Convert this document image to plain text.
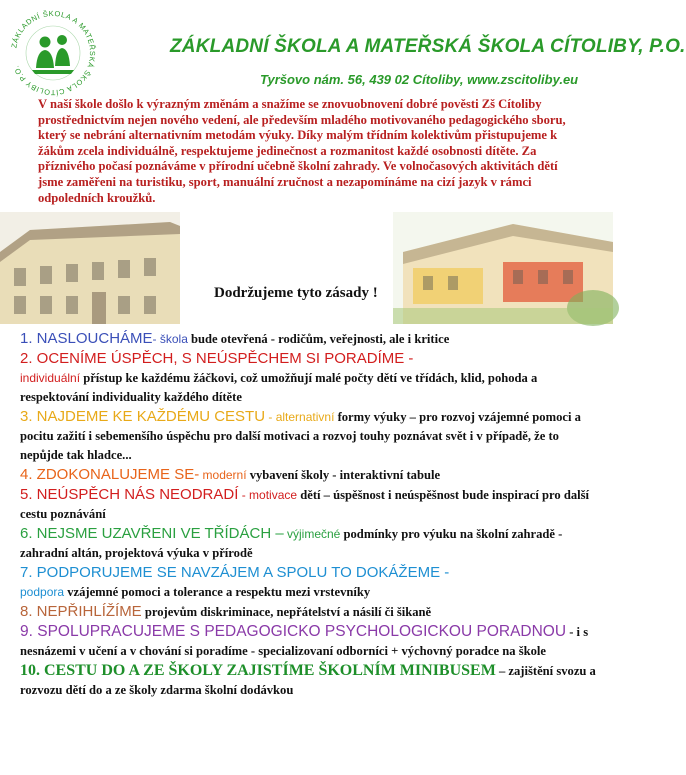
ZÁKLADNÍ ŠKOLA A MATEŘSKÁ ŠKOLA CÍTOLIBY P.O.
ZÁKLADNÍ ŠKOLA A MATEŘSKÁ ŠKOLA CÍTOLIBY, P.O.
Tyršovo nám. 56, 439 02 Cítoliby, www.zscitoliby.eu

V naší škole došlo k výrazným změnám a snažíme se znovuobnovení dobré pověsti Zš Cítoliby prostřednictvím nejen nového vedení, ale především mladého motivovaného pedagogického sboru, který se nebrání alternativním metodám výuky. Díky malým třídním kolektivům přistupujeme k žákům zcela individuálně, respektujeme jedinečnost a rozmanitost každé osobnosti dítěte. Za příznivého počasí poznáváme v přírodní učebně školní zahrady. Ve volnočasových aktivitách dětí jsme zaměřeni na turistiku, sport, manuální zručnost a nezapomínáme na cizí jazyk v rámci odpoledních kroužků.

Dodržujeme tyto zásady !

1. NASLOUCHÁME- škola bude otevřená - rodičům, veřejnosti, ale i kritice
2. OCENÍME ÚSPĚCH, S NEÚSPĚCHEM SI PORADÍME -
individuální přístup ke každému žáčkovi, což umožňují malé počty dětí ve třídách, klid, pohoda a respektování individuality každého dítěte
3. NAJDEME KE KAŽDÉMU CESTU - alternativní formy výuky – pro rozvoj vzájemné pomoci a pocitu zažití i sebemenšího úspěchu pro další motivaci a rozvoj touhy poznávat svět i v případě, že to nepůjde tak hladce...
4. ZDOKONALUJEME SE- moderní vybavení školy - interaktivní tabule
5. NEÚSPĚCH NÁS NEODRADÍ - motivace dětí – úspěšnost i neúspěšnost bude inspirací pro další cestu poznávání
6. NEJSME UZAVŘENI VE TŘÍDÁCH – výjimečné podmínky pro výuku na školní zahradě - zahradní altán, projektová výuka v přírodě
7. PODPORUJEME SE NAVZÁJEM A SPOLU TO DOKÁŽEME -
podpora vzájemné pomoci a tolerance a respektu mezi vrstevníky
8. NEPŘIHLÍŽÍME projevům diskriminace, nepřátelství a násilí či šikaně
9. SPOLUPRACUJEME S PEDAGOGICKO PSYCHOLOGICKOU PORADNOU - i s nesnázemi v učení a v chování si poradíme - specializovaní odborníci + výchovný poradce na škole
10. CESTU DO A ZE ŠKOLY ZAJISTÍME ŠKOLNÍM MINIBUSEM – zajištění svozu a rozvozu dětí do a ze školy zdarma školní dodávkou
